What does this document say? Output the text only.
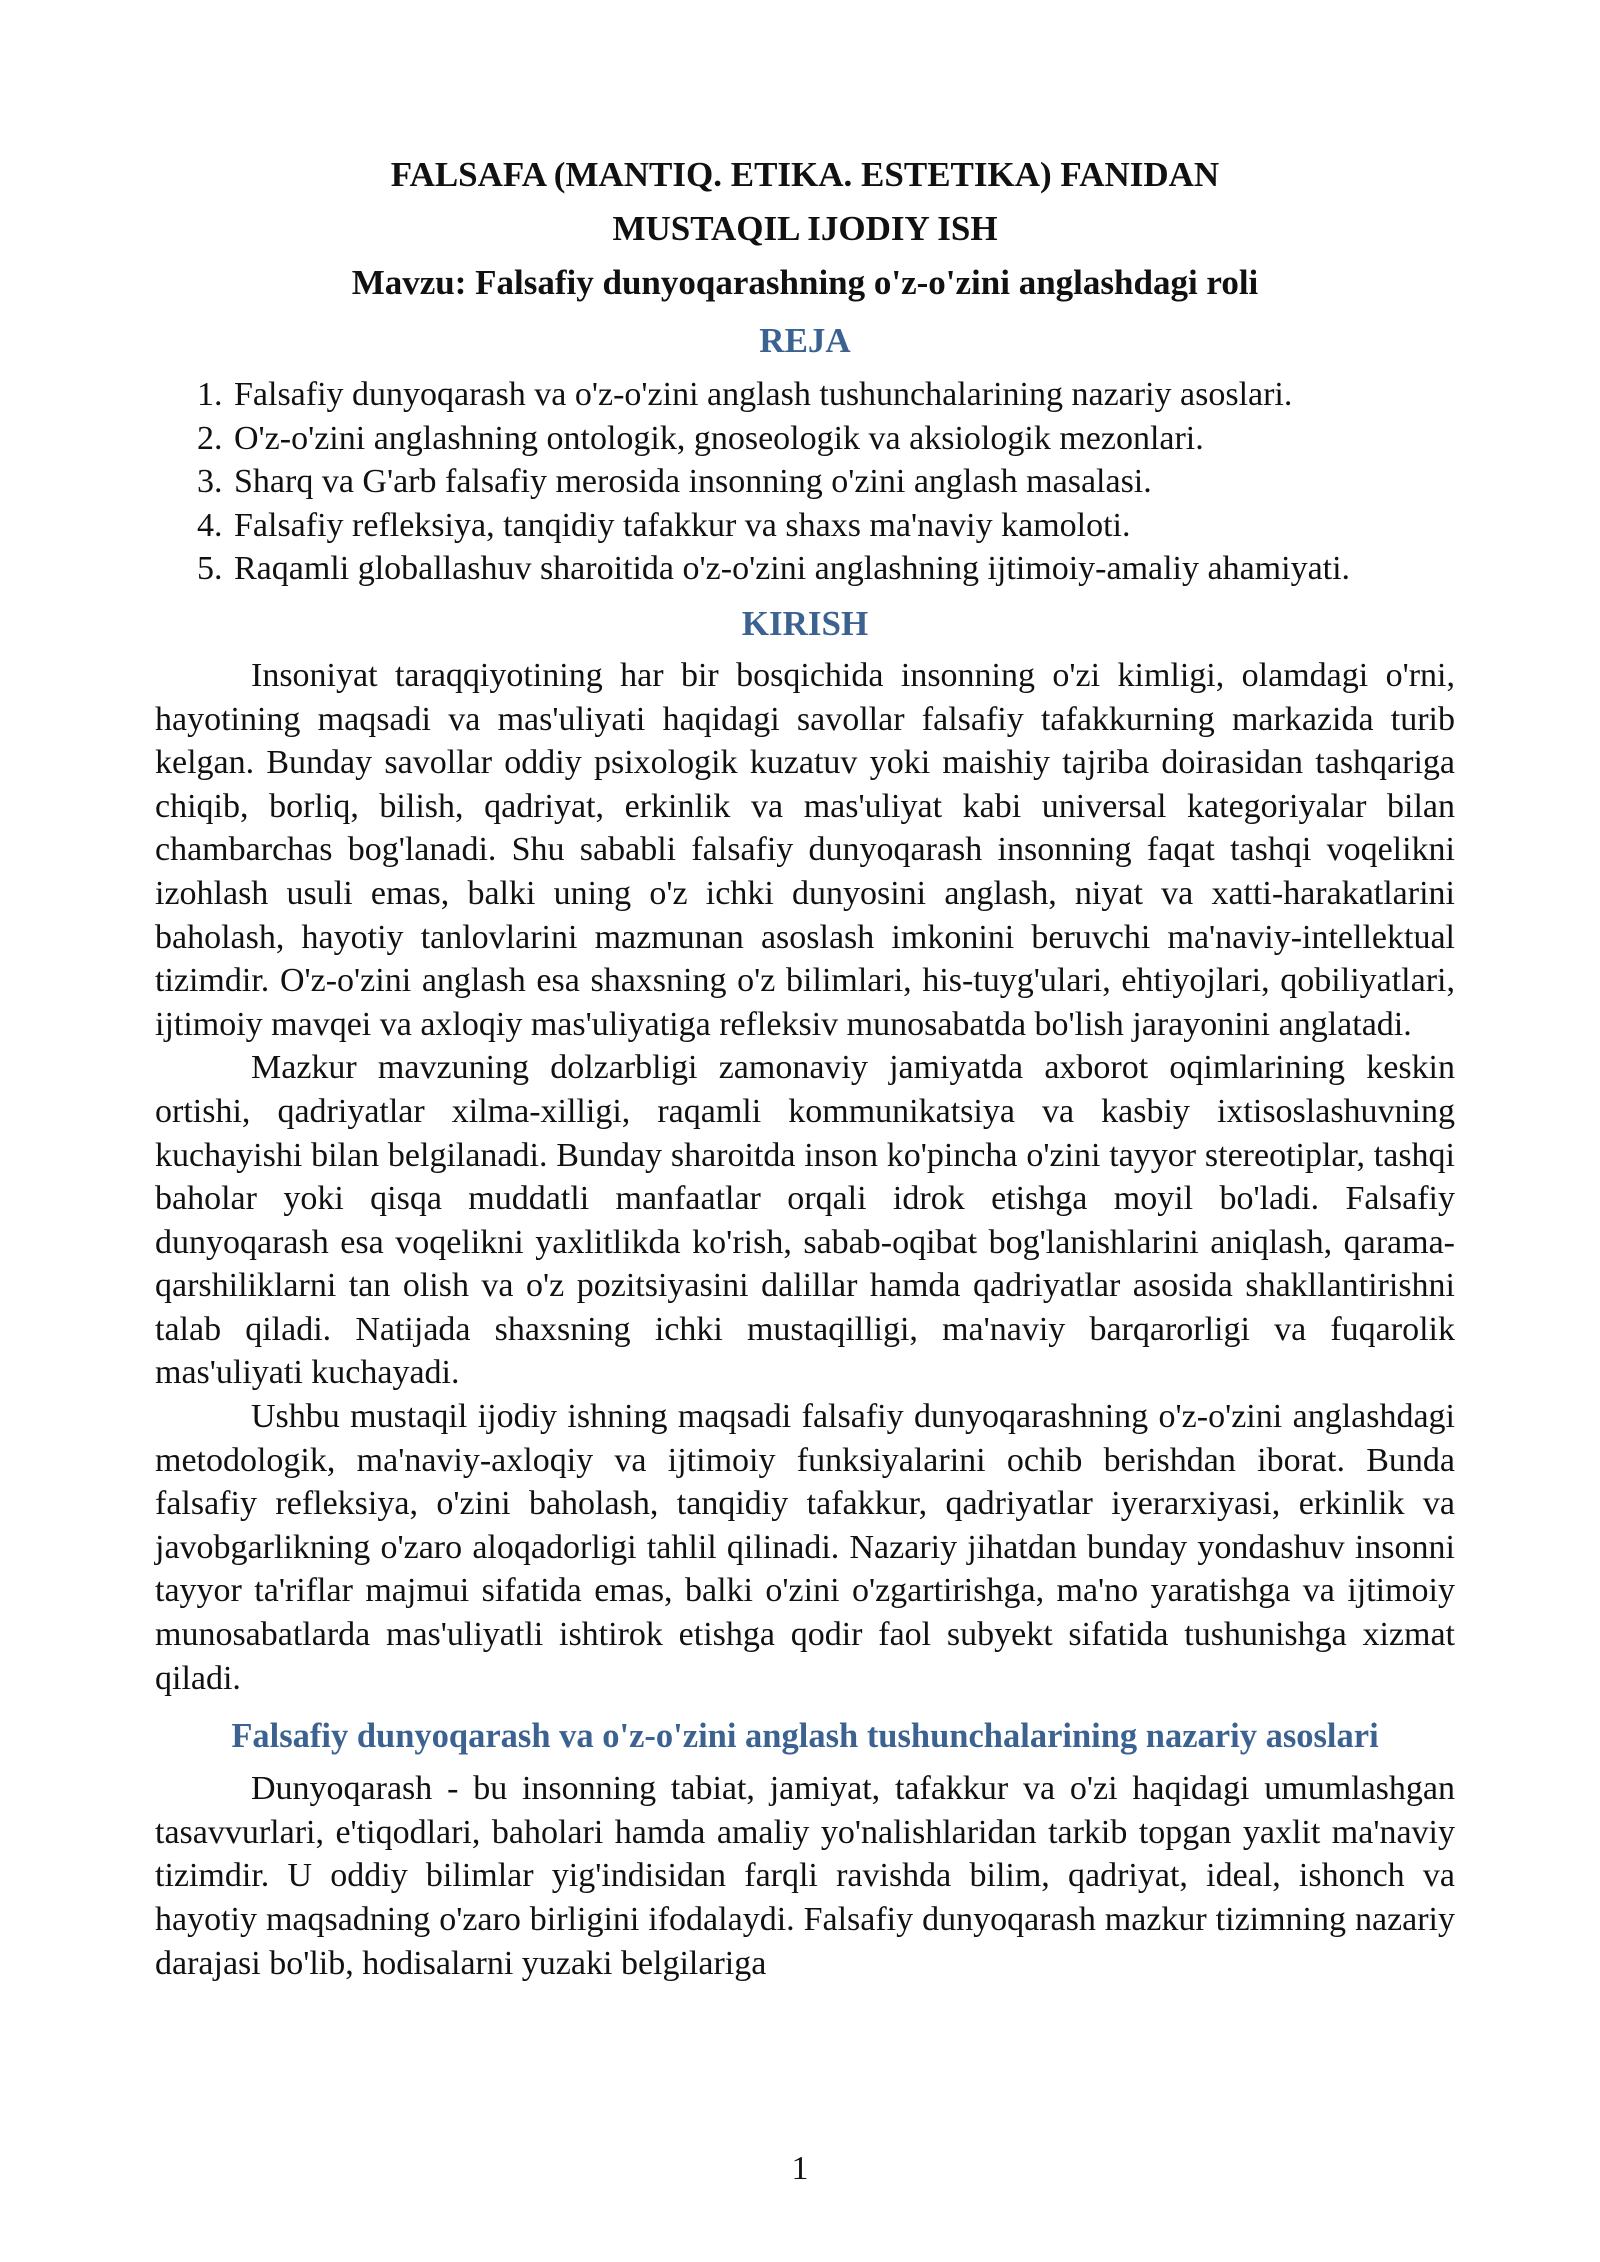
FALSAFA (MANTIQ. ETIKA. ESTETIKA) FANIDAN
MUSTAQIL IJODIY ISH
Mavzu: Falsafiy dunyoqarashning o'z-o'zini anglashdagi roli
REJA
1. Falsafiy dunyoqarash va o'z-o'zini anglash tushunchalarining nazariy asoslari.
2. O'z-o'zini anglashning ontologik, gnoseologik va aksiologik mezonlari.
3. Sharq va G'arb falsafiy merosida insonning o'zini anglash masalasi.
4. Falsafiy refleksiya, tanqidiy tafakkur va shaxs ma'naviy kamoloti.
5. Raqamli globallashuv sharoitida o'z-o'zini anglashning ijtimoiy-amaliy ahamiyati.
KIRISH

Insoniyat taraqqiyotining har bir bosqichida insonning o'zi kimligi, olamdagi o'rni, hayotining maqsadi va mas'uliyati haqidagi savollar falsafiy tafakkurning markazida turib kelgan. Bunday savollar oddiy psixologik kuzatuv yoki maishiy tajriba doirasidan tashqariga chiqib, borliq, bilish, qadriyat, erkinlik va mas'uliyat kabi universal kategoriyalar bilan chambarchas bog'lanadi. Shu sababli falsafiy dunyoqarash insonning faqat tashqi voqelikni izohlash usuli emas, balki uning o'z ichki dunyosini anglash, niyat va xatti-harakatlarini baholash, hayotiy tanlovlarini mazmunan asoslash imkonini beruvchi ma'naviy-intellektual tizimdir. O'z-o'zini anglash esa shaxsning o'z bilimlari, his-tuyg'ulari, ehtiyojlari, qobiliyatlari, ijtimoiy mavqei va axloqiy mas'uliyatiga refleksiv munosabatda bo'lish jarayonini anglatadi.

Mazkur mavzuning dolzarbligi zamonaviy jamiyatda axborot oqimlarining keskin ortishi, qadriyatlar xilma-xilligi, raqamli kommunikatsiya va kasbiy ixtisoslashuvning kuchayishi bilan belgilanadi. Bunday sharoitda inson ko'pincha o'zini tayyor stereotiplar, tashqi baholar yoki qisqa muddatli manfaatlar orqali idrok etishga moyil bo'ladi. Falsafiy dunyoqarash esa voqelikni yaxlitlikda ko'rish, sabab-oqibat bog'lanishlarini aniqlash, qarama-qarshiliklarni tan olish va o'z pozitsiyasini dalillar hamda qadriyatlar asosida shakllantirishni talab qiladi. Natijada shaxsning ichki mustaqilligi, ma'naviy barqarorligi va fuqarolik mas'uliyati kuchayadi.

Ushbu mustaqil ijodiy ishning maqsadi falsafiy dunyoqarashning o'z-o'zini anglashdagi metodologik, ma'naviy-axloqiy va ijtimoiy funksiyalarini ochib berishdan iborat. Bunda falsafiy refleksiya, o'zini baholash, tanqidiy tafakkur, qadriyatlar iyerarxiyasi, erkinlik va javobgarlikning o'zaro aloqadorligi tahlil qilinadi. Nazariy jihatdan bunday yondashuv insonni tayyor ta'riflar majmui sifatida emas, balki o'zini o'zgartirishga, ma'no yaratishga va ijtimoiy munosabatlarda mas'uliyatli ishtirok etishga qodir faol subyekt sifatida tushunishga xizmat qiladi.

Falsafiy dunyoqarash va o'z-o'zini anglash tushunchalarining nazariy asoslari

Dunyoqarash - bu insonning tabiat, jamiyat, tafakkur va o'zi haqidagi umumlashgan tasavvurlari, e'tiqodlari, baholari hamda amaliy yo'nalishlaridan tarkib topgan yaxlit ma'naviy tizimdir. U oddiy bilimlar yig'indisidan farqli ravishda bilim, qadriyat, ideal, ishonch va hayotiy maqsadning o'zaro birligini ifodalaydi. Falsafiy dunyoqarash mazkur tizimning nazariy darajasi bo'lib, hodisalarni yuzaki belgilariga

1
